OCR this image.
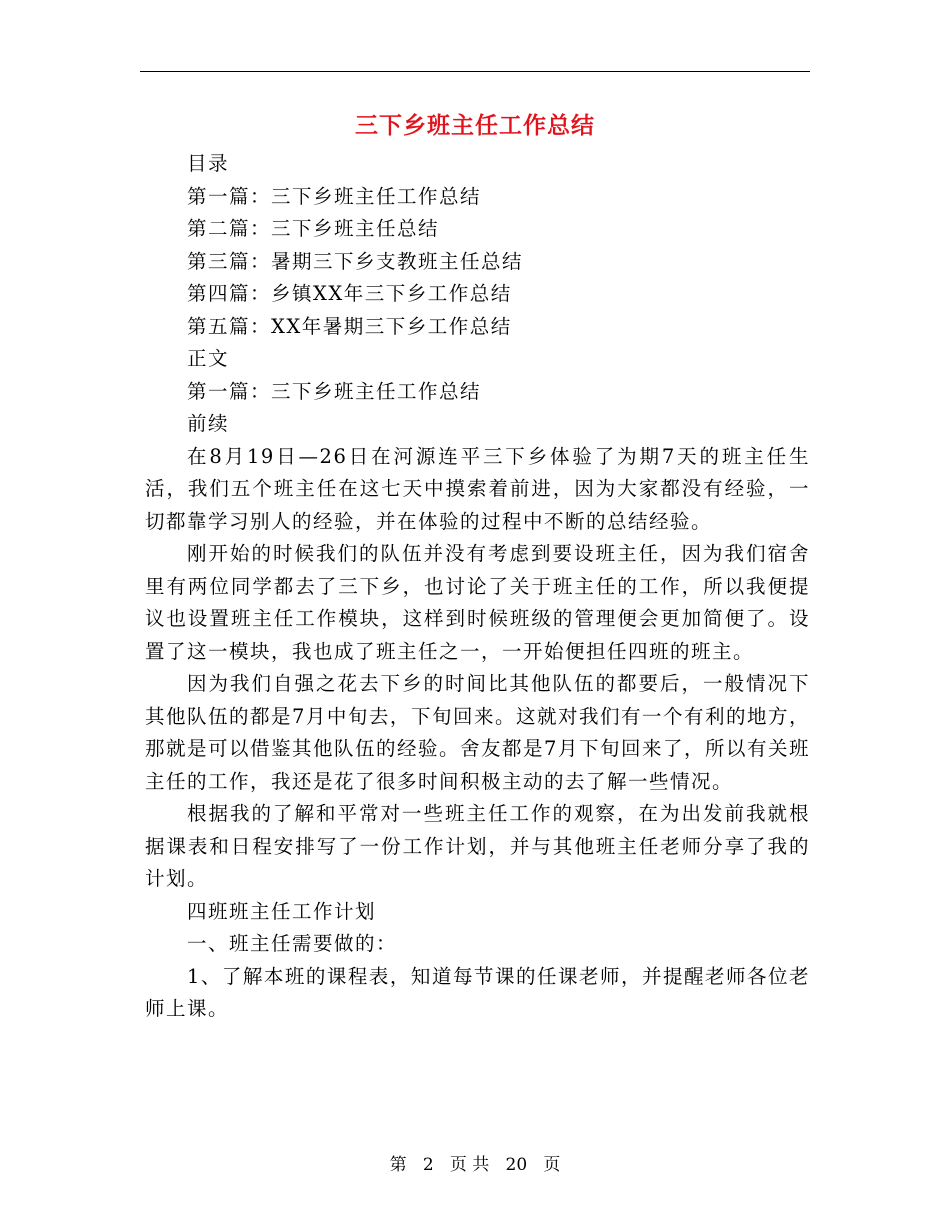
三下乡班主任工作总结

目录

第一篇：三下乡班主任工作总结

第二篇：三下乡班主任总结

第三篇：暑期三下乡支教班主任总结

第四篇：乡镇XX年三下乡工作总结

第五篇：XX年暑期三下乡工作总结

正文

第一篇：三下乡班主任工作总结

前续

在8月19日—26日在河源连平三下乡体验了为期7天的班主任生活，我们五个班主任在这七天中摸索着前进，因为大家都没有经验，一切都靠学习别人的经验，并在体验的过程中不断的总结经验。

刚开始的时候我们的队伍并没有考虑到要设班主任，因为我们宿舍里有两位同学都去了三下乡，也讨论了关于班主任的工作，所以我便提议也设置班主任工作模块，这样到时候班级的管理便会更加简便了。设置了这一模块，我也成了班主任之一，一开始便担任四班的班主。

因为我们自强之花去下乡的时间比其他队伍的都要后，一般情况下其他队伍的都是7月中旬去，下旬回来。这就对我们有一个有利的地方，那就是可以借鉴其他队伍的经验。舍友都是7月下旬回来了，所以有关班主任的工作，我还是花了很多时间积极主动的去了解一些情况。

根据我的了解和平常对一些班主任工作的观察，在为出发前我就根据课表和日程安排写了一份工作计划，并与其他班主任老师分享了我的计划。

四班班主任工作计划

一、班主任需要做的：

1、了解本班的课程表，知道每节课的任课老师，并提醒老师各位老师上课。

第 2 页 共 20 页
